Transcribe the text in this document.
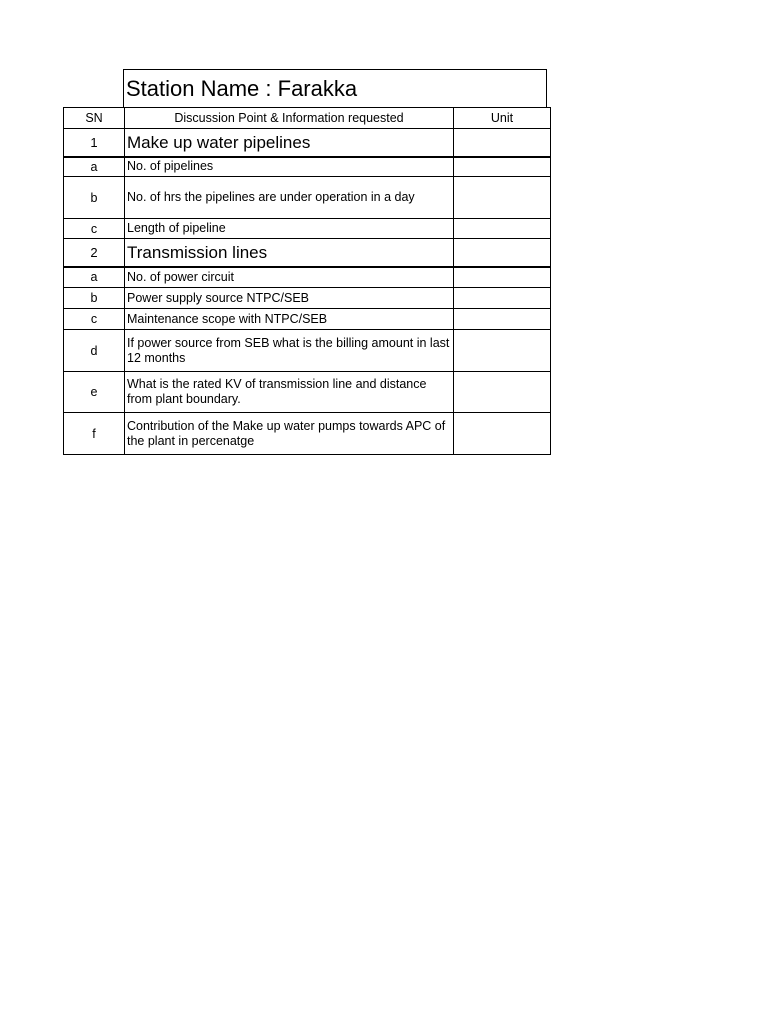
Station Name : Farakka
SN	Discussion Point & Information requested	Unit
1	Make up water pipelines	
a	No. of pipelines	
b	No. of hrs the pipelines are under operation in a day	
c	Length of pipeline	
2	Transmission lines	
a	No. of power circuit	
b	Power supply source NTPC/SEB	
c	Maintenance scope with NTPC/SEB	
d	If power source from SEB what is the billing amount in last 12 months	
e	What is the rated KV of transmission line and distance from plant boundary.	
f	Contribution of the Make up water pumps towards APC of the plant in percenatge	
